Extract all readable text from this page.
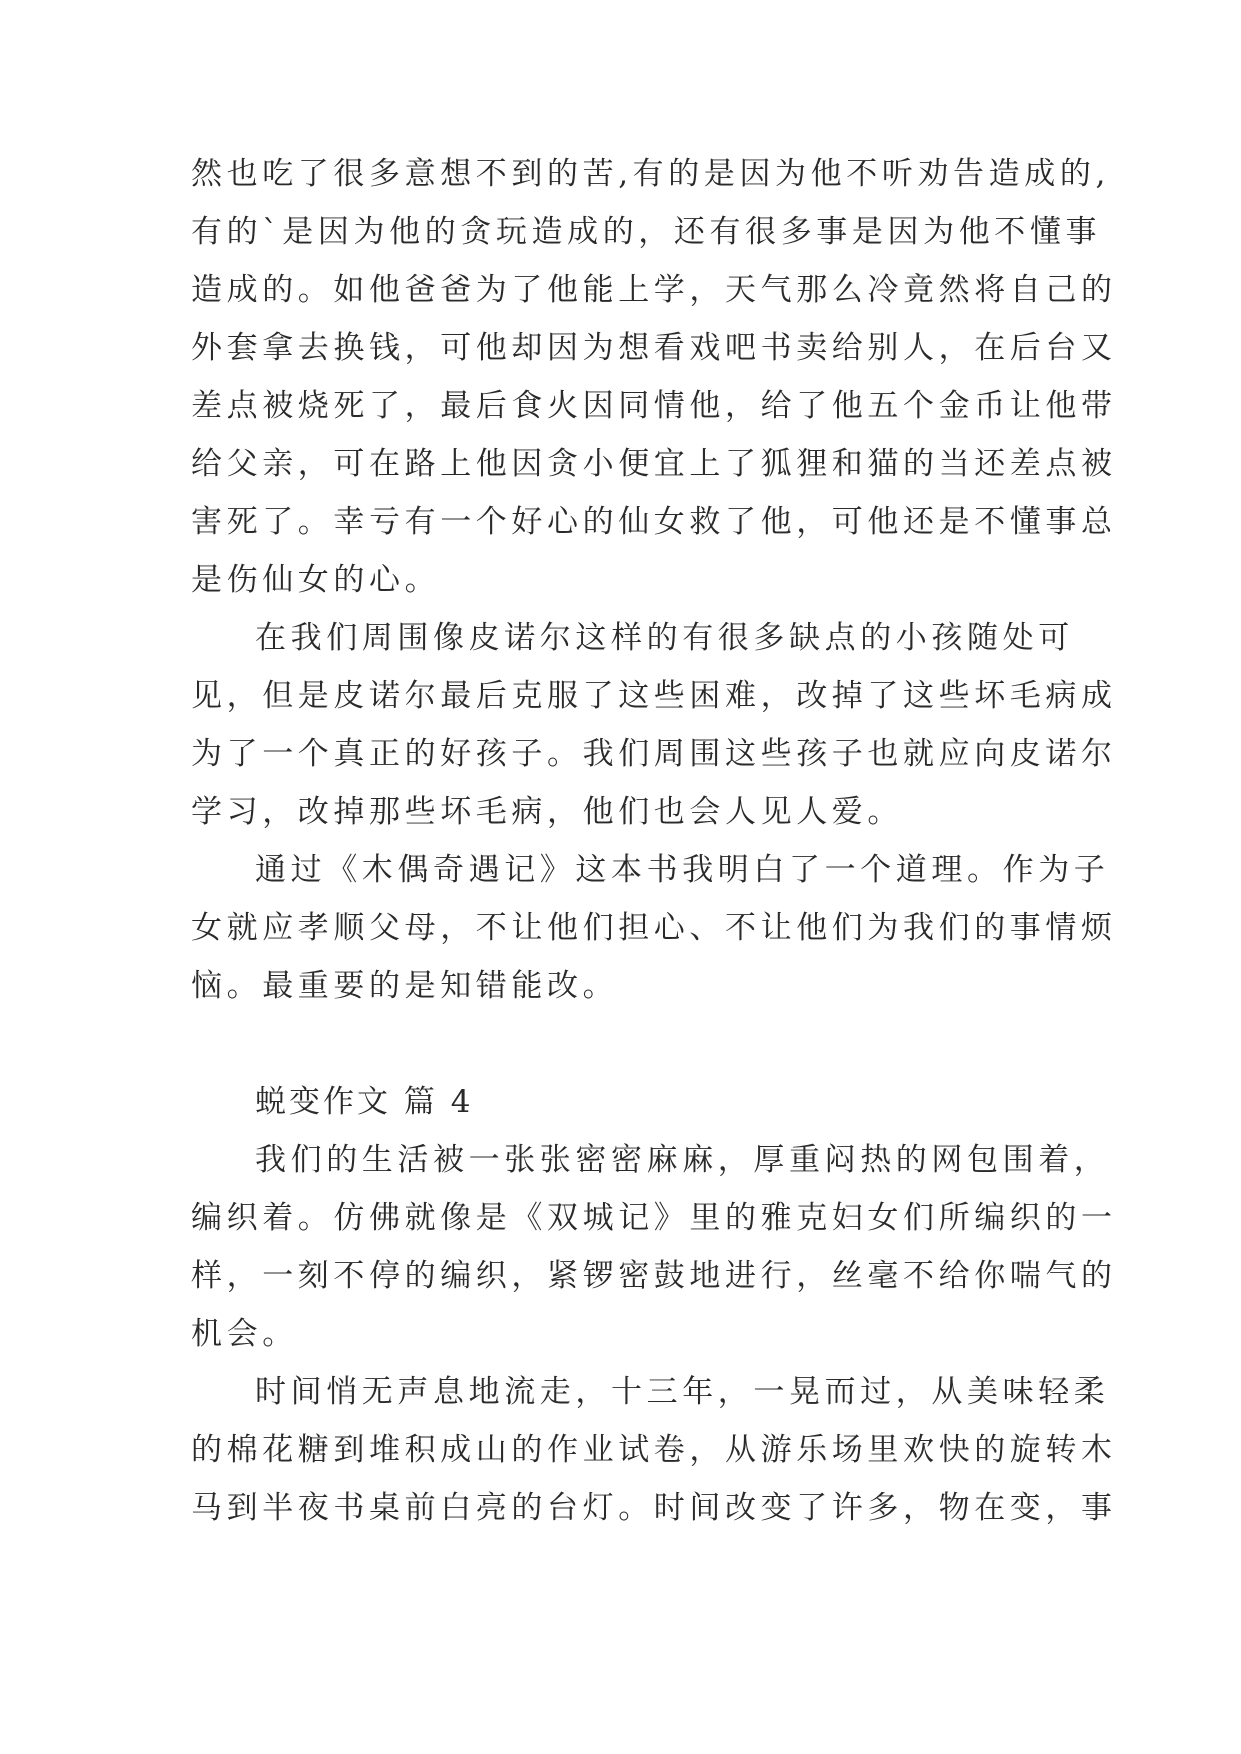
然也吃了很多意想不到的苦,有的是因为他不听劝告造成的,
有的`是因为他的贪玩造成的，还有很多事是因为他不懂事
造成的。如他爸爸为了他能上学，天气那么冷竟然将自己的
外套拿去换钱，可他却因为想看戏吧书卖给别人，在后台又
差点被烧死了，最后食火因同情他，给了他五个金币让他带
给父亲，可在路上他因贪小便宜上了狐狸和猫的当还差点被
害死了。幸亏有一个好心的仙女救了他，可他还是不懂事总
是伤仙女的心。
在我们周围像皮诺尔这样的有很多缺点的小孩随处可
见，但是皮诺尔最后克服了这些困难，改掉了这些坏毛病成
为了一个真正的好孩子。我们周围这些孩子也就应向皮诺尔
学习，改掉那些坏毛病，他们也会人见人爱。
通过《木偶奇遇记》这本书我明白了一个道理。作为子
女就应孝顺父母，不让他们担心、不让他们为我们的事情烦
恼。最重要的是知错能改。
蜕变作文 篇 4
我们的生活被一张张密密麻麻，厚重闷热的网包围着，
编织着。仿佛就像是《双城记》里的雅克妇女们所编织的一
样，一刻不停的编织，紧锣密鼓地进行，丝毫不给你喘气的
机会。
时间悄无声息地流走，十三年，一晃而过，从美味轻柔
的棉花糖到堆积成山的作业试卷，从游乐场里欢快的旋转木
马到半夜书桌前白亮的台灯。时间改变了许多，物在变，事
